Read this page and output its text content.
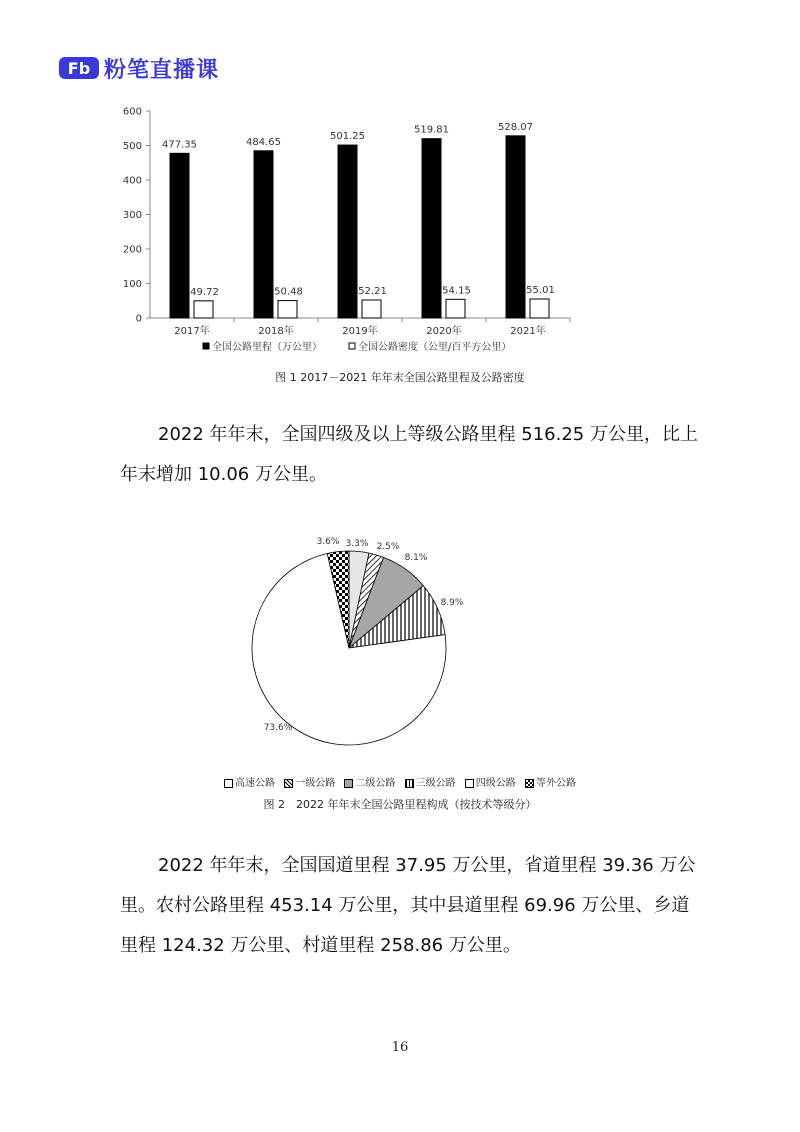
Fb 粉笔直播课
0
100
200
300
400
500
600
477.35
49.72
2017年
484.65
50.48
2018年
501.25
52.21
2019年
519.81
54.15
2020年
528.07
55.01
2021年
全国公路里程（万公里）	全国公路密度（公里/百平方公里）
图 1 2017－2021 年年末全国公路里程及公路密度
2022 年年末，全国四级及以上等级公路里程 516.25 万公里，比上年末增加 10.06 万公里。
3.3% 2.5%
8.1%
8.9%
73.6%
3.6%
高速公路 一级公路 二级公路 三级公路 四级公路 等外公路
图 2　2022 年年末全国公路里程构成（按技术等级分）
2022 年年末，全国国道里程 37.95 万公里，省道里程 39.36 万公里。农村公路里程 453.14 万公里，其中县道里程 69.96 万公里、乡道里程 124.32 万公里、村道里程 258.86 万公里。
16
